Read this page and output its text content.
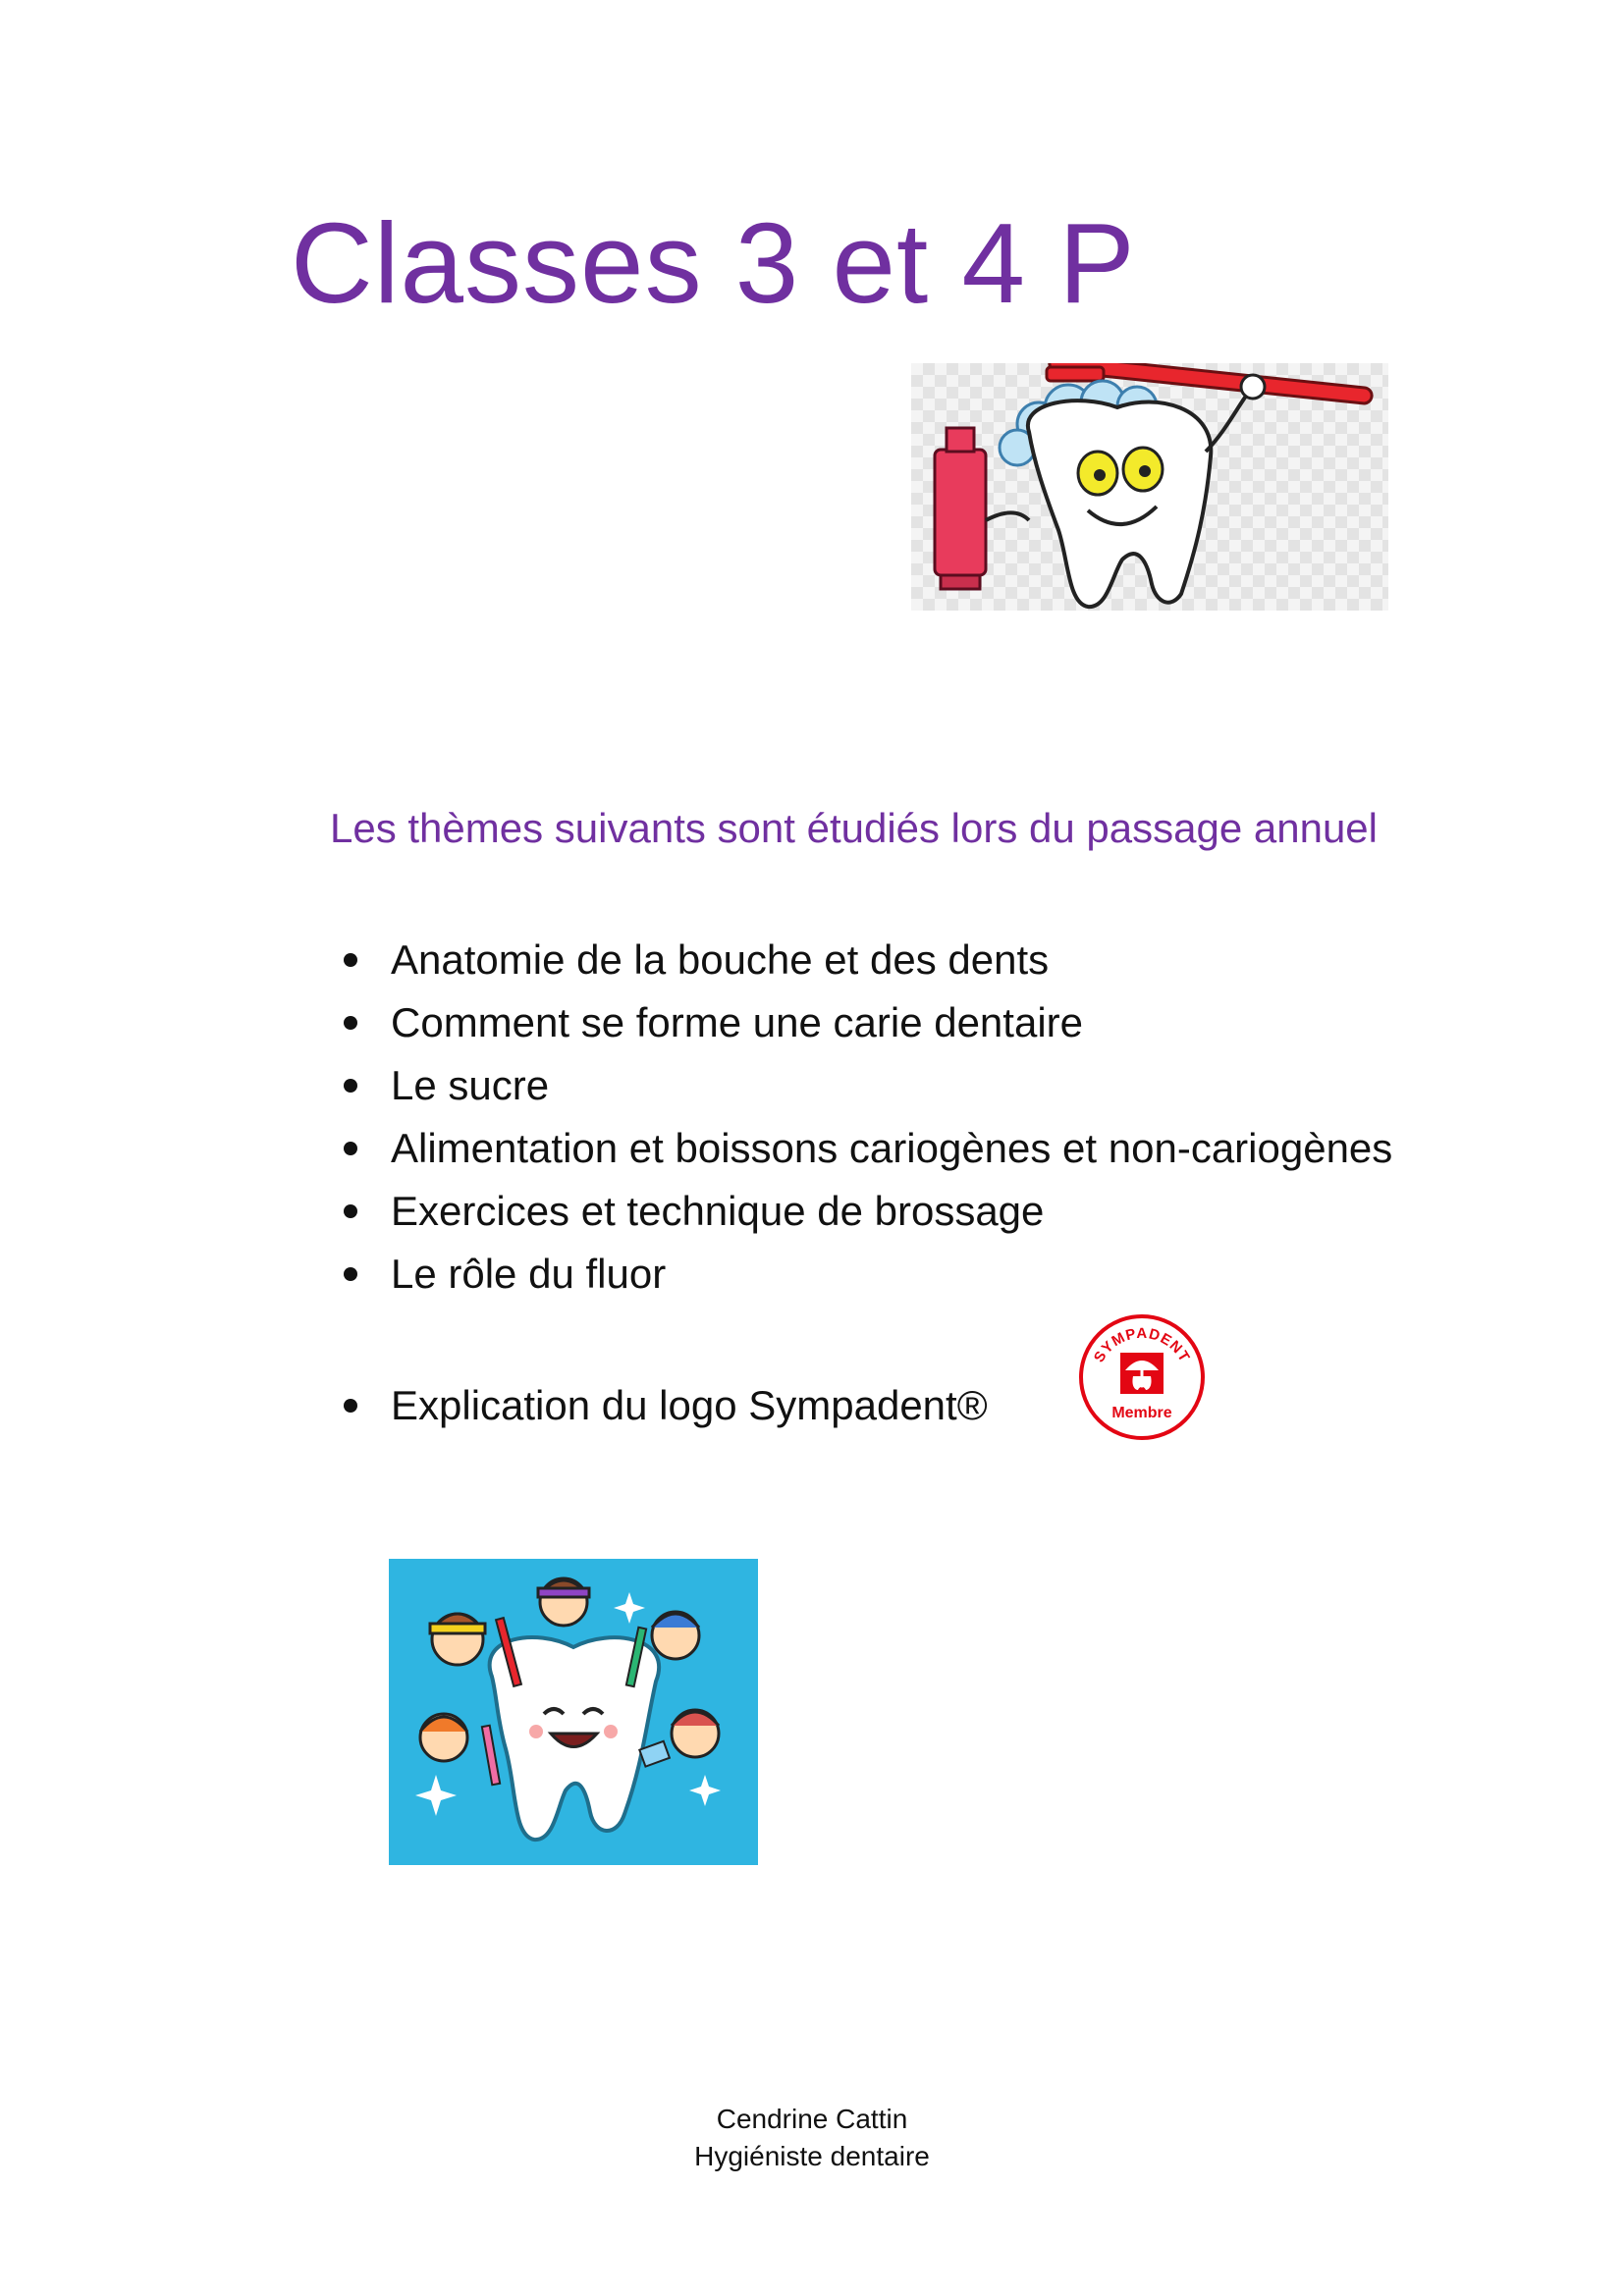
Classes 3 et 4 P

Les thèmes suivants sont étudiés lors du passage annuel

Anatomie de la bouche et des dents
Comment se forme une carie dentaire
Le sucre
Alimentation et boissons cariogènes et non-cariogènes
Exercices et technique de brossage
Le rôle du fluor
Explication du logo Sympadent®
SYMPADENT
Membre
Cendrine Cattin
Hygiéniste dentaire
